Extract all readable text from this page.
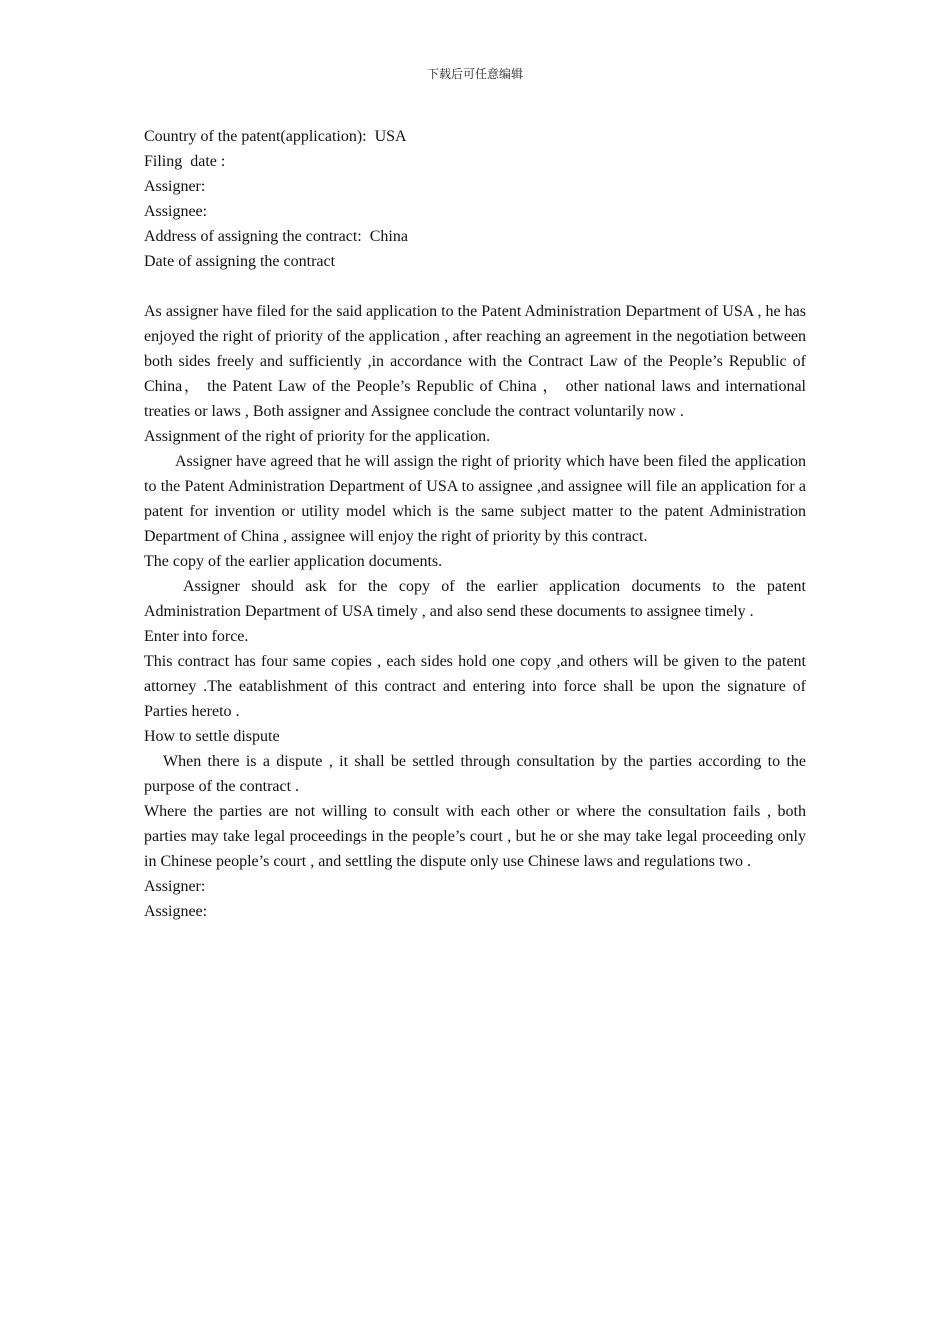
下载后可任意编辑

Country of the patent(application):  USA

Filing  date :

Assigner:

Assignee:

Address of assigning the contract:  China

Date of assigning the contract

As assigner have filed for the said application to the Patent Administration Department of USA , he has enjoyed the right of priority of the application , after reaching an agreement in the negotiation between both sides freely and sufficiently ,in accordance with the Contract Law of the People’s Republic of China， the Patent Law of the People’s Republic of China ， other national laws and international treaties or laws , Both assigner and Assignee conclude the contract voluntarily now .

Assignment of the right of priority for the application.

Assigner have agreed that he will assign the right of priority which have been filed the application to the Patent Administration Department of USA to assignee ,and assignee will file an application for a patent for invention or utility model which is the same subject matter to the patent Administration Department of China , assignee will enjoy the right of priority by this contract.

The copy of the earlier application documents.

Assigner should ask for the copy of the earlier application documents to the patent Administration Department of USA timely , and also send these documents to assignee timely .

Enter into force.

This contract has four same copies , each sides hold one copy ,and others will be given to the patent attorney .The eatablishment of this contract and entering into force shall be upon the signature of Parties hereto .

How to settle dispute

When there is a dispute , it shall be settled through consultation by the parties according to the purpose of the contract .

Where the parties are not willing to consult with each other or where the consultation fails , both parties may take legal proceedings in the people’s court , but he or she may take legal proceeding only in Chinese people’s court , and settling the dispute only use Chinese laws and regulations two .

Assigner:

Assignee:
